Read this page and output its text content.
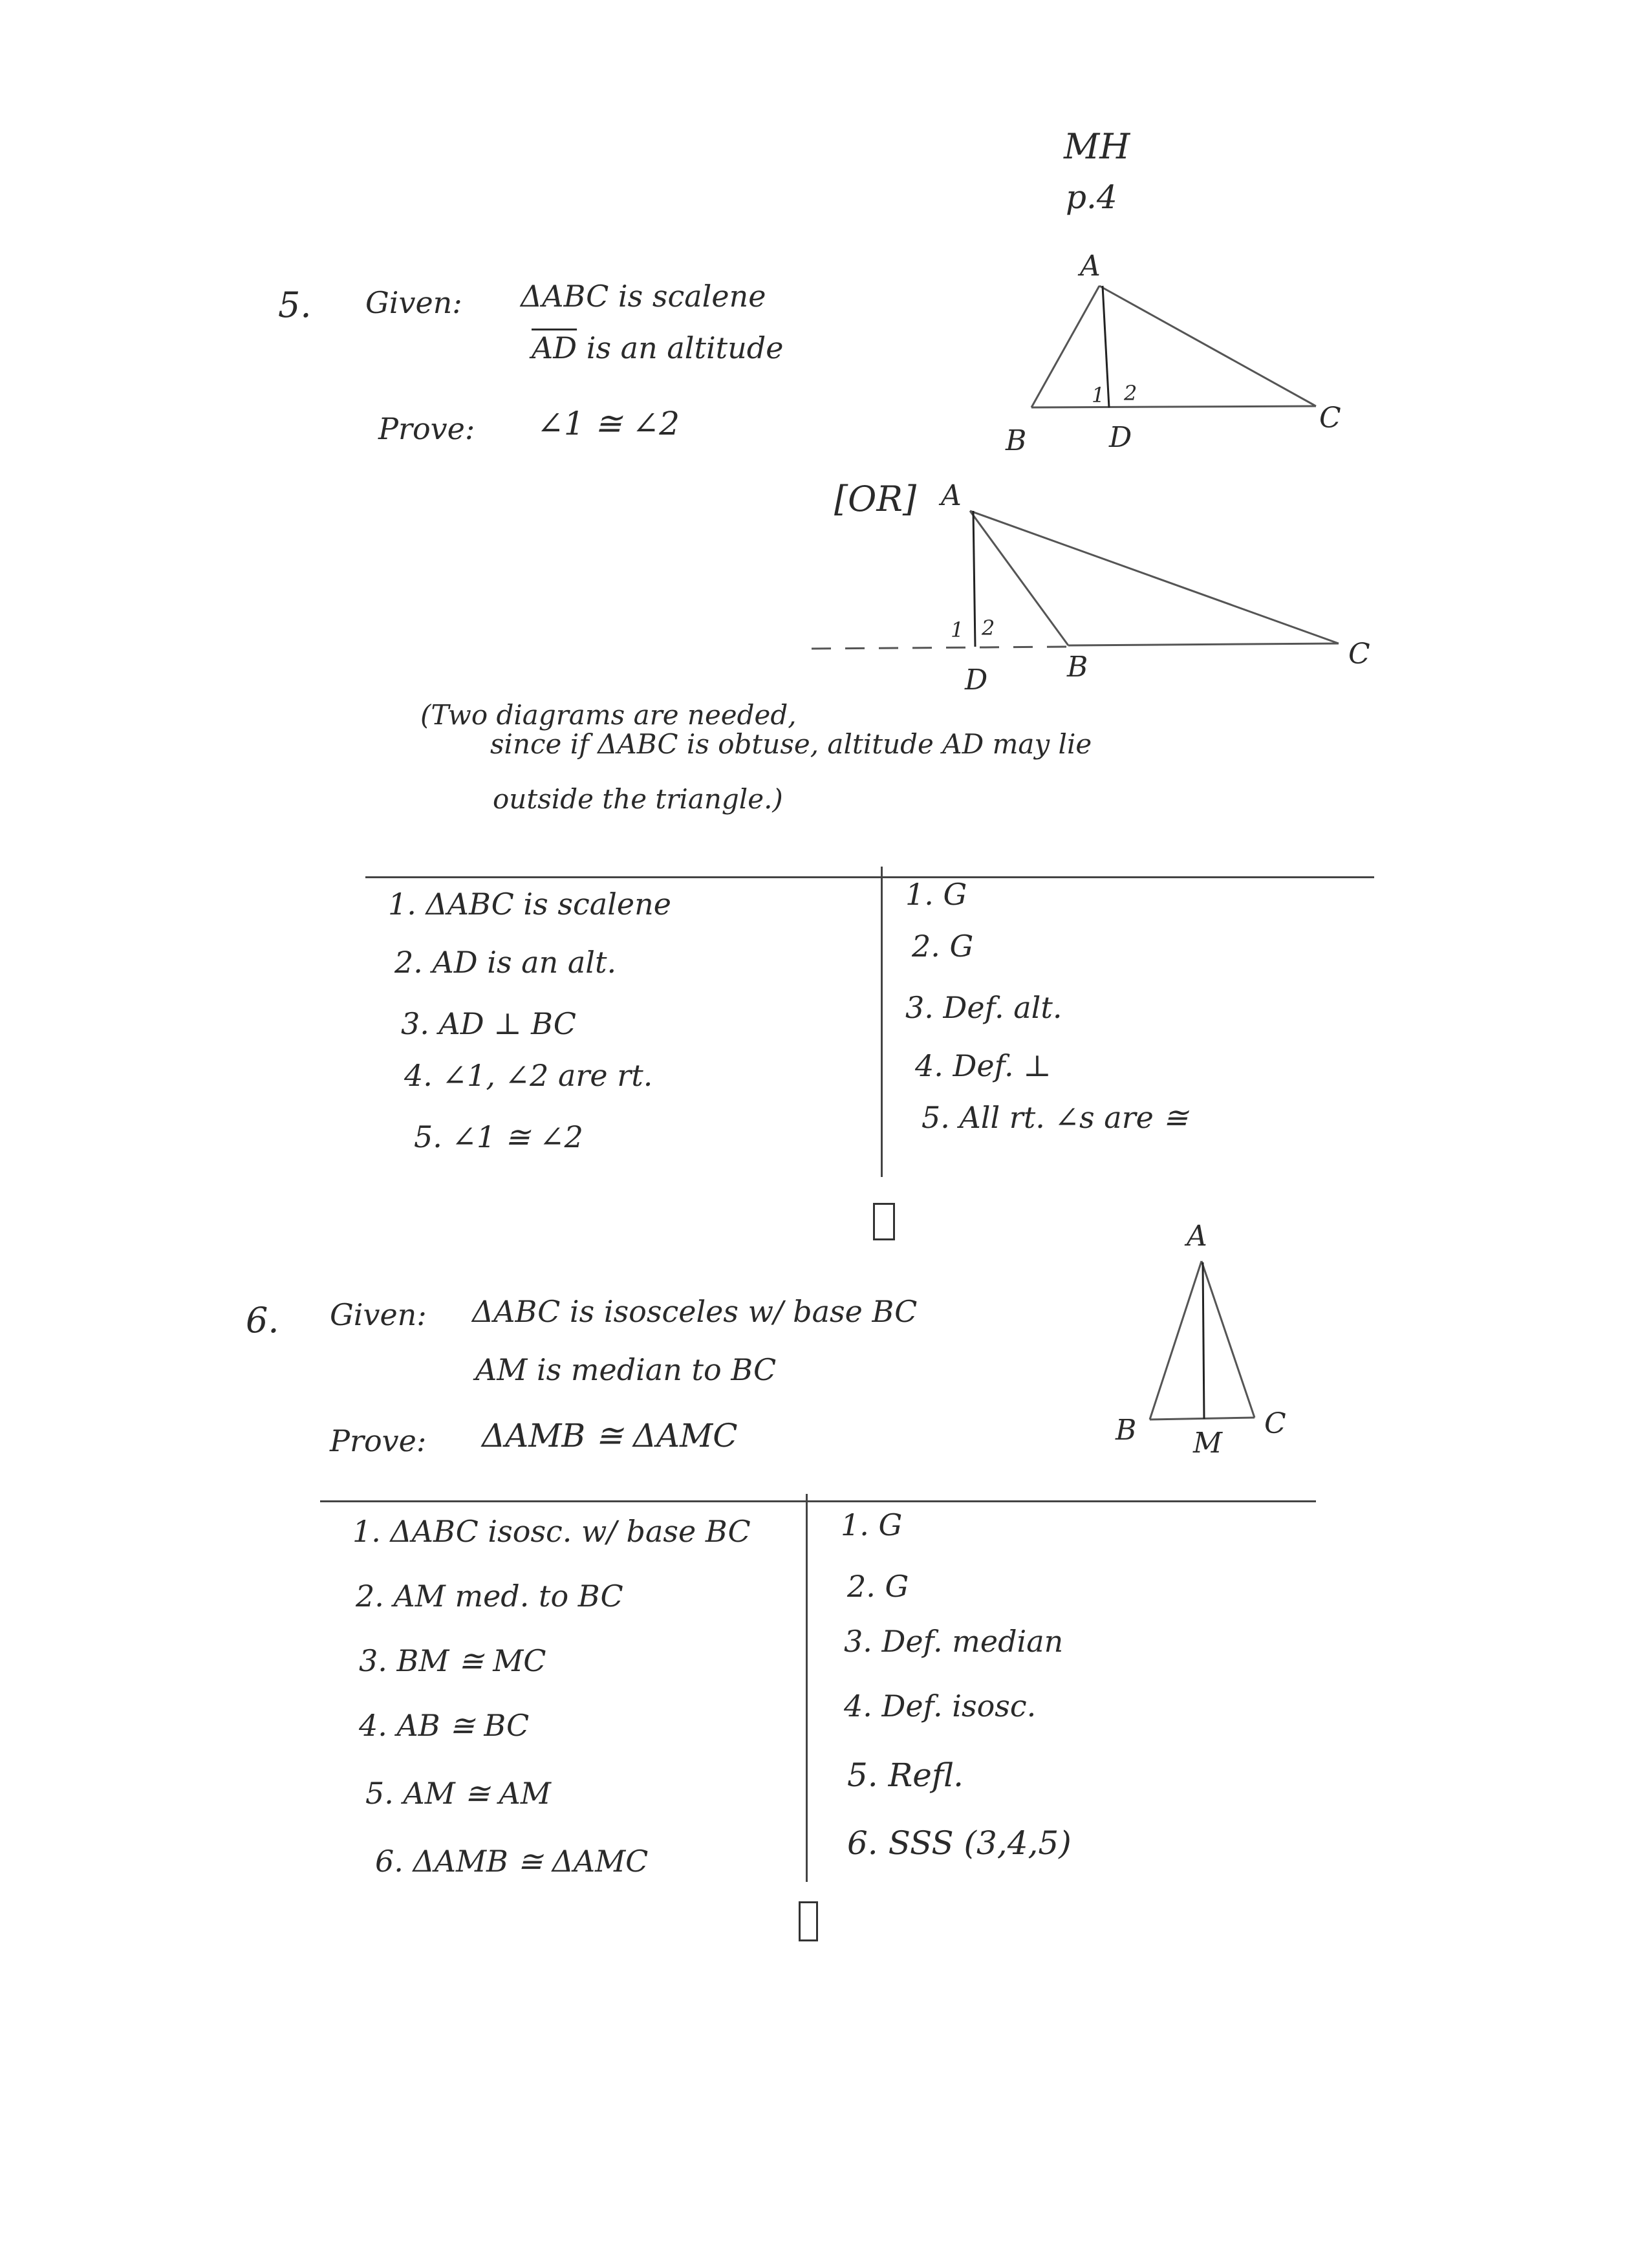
MH
p.4
5. Given: ΔABC is scalene
$\overline{AD}$ is an altitude
Prove: ∠1 ≅ ∠2
A
B
C
D
1 2
[OR] A
B	C
D
1 2
(Two diagrams are needed,
since if ΔABC is obtuse, altitude AD may lie
outside the triangle.)
1. ΔABC is scalene
2. AD is an alt.
3. AD ⊥ BC
4. ∠1, ∠2 are rt.
5. ∠1 ≅ ∠2
1. G
2. G
3. Def. alt.
4. Def. ⊥
5. All rt. ∠s are ≅
6. Given: ΔABC is isosceles w/ base BC
AM is median to BC
Prove: ΔAMB ≅ ΔAMC
A
B	C
M
1. ΔABC isosc. w/ base BC
2. AM med. to BC
3. BM ≅ MC
4. AB ≅ BC
5. AM ≅ AM
6. ΔAMB ≅ ΔAMC
1. G
2. G
3. Def. median
4. Def. isosc.
5. Refl.
6. SSS (3,4,5)
